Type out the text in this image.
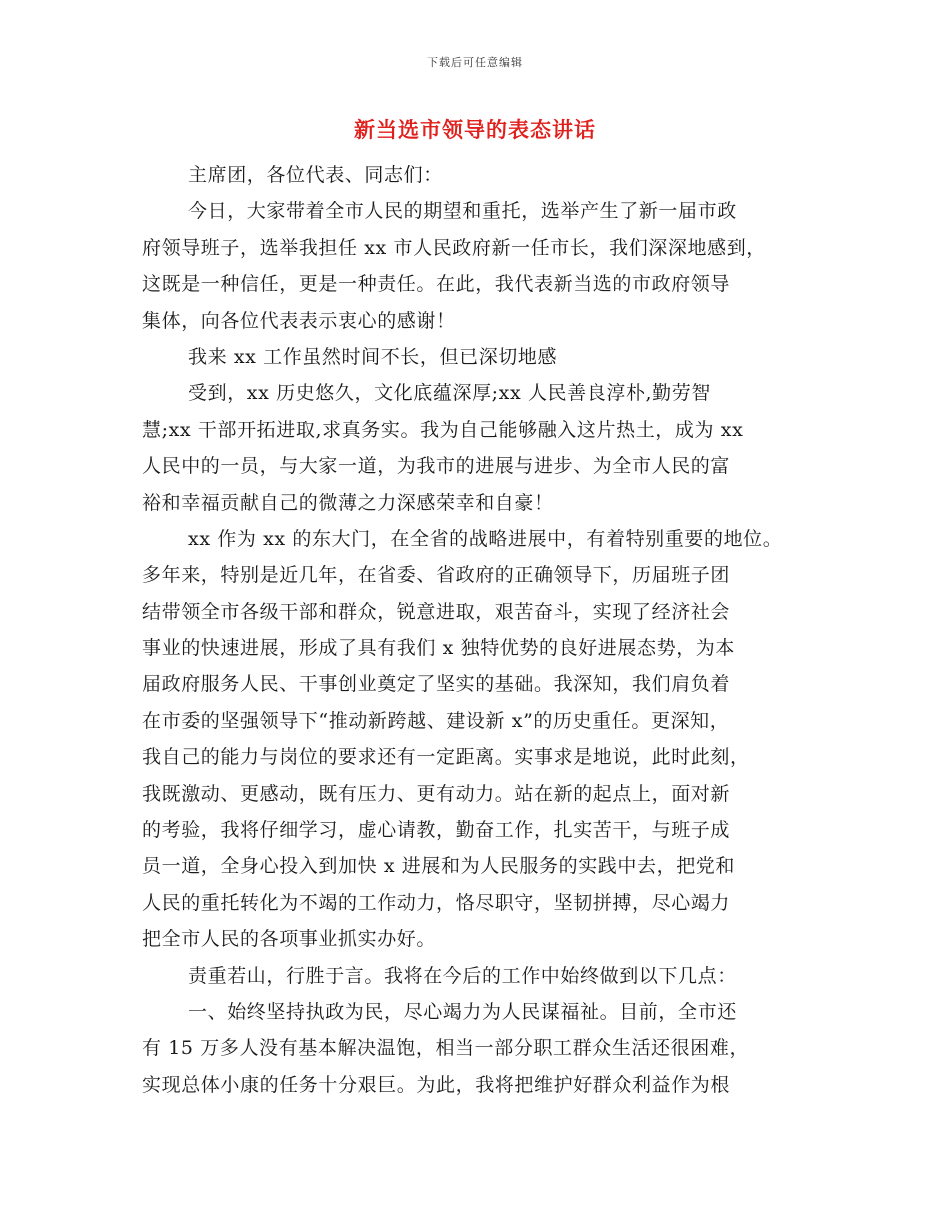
下载后可任意编辑
新当选市领导的表态讲话
主席团，各位代表、同志们：
今日，大家带着全市人民的期望和重托，选举产生了新一届市政
府领导班子，选举我担任 xx 市人民政府新一任市长，我们深深地感到，
这既是一种信任，更是一种责任。在此，我代表新当选的市政府领导
集体，向各位代表表示衷心的感谢！
我来 xx 工作虽然时间不长，但已深切地感
受到，xx 历史悠久，文化底蕴深厚;xx 人民善良淳朴,勤劳智
慧;xx 干部开拓进取,求真务实。我为自己能够融入这片热土，成为 xx
人民中的一员，与大家一道，为我市的进展与进步、为全市人民的富
裕和幸福贡献自己的微薄之力深感荣幸和自豪！
xx 作为 xx 的东大门，在全省的战略进展中，有着特别重要的地位。
多年来，特别是近几年，在省委、省政府的正确领导下，历届班子团
结带领全市各级干部和群众，锐意进取，艰苦奋斗，实现了经济社会
事业的快速进展，形成了具有我们 x 独特优势的良好进展态势，为本
届政府服务人民、干事创业奠定了坚实的基础。我深知，我们肩负着
在市委的坚强领导下“推动新跨越、建设新 x”的历史重任。更深知，
我自己的能力与岗位的要求还有一定距离。实事求是地说，此时此刻，
我既激动、更感动，既有压力、更有动力。站在新的起点上，面对新
的考验，我将仔细学习，虚心请教，勤奋工作，扎实苦干，与班子成
员一道，全身心投入到加快 x 进展和为人民服务的实践中去，把党和
人民的重托转化为不竭的工作动力，恪尽职守，坚韧拼搏，尽心竭力
把全市人民的各项事业抓实办好。
责重若山，行胜于言。我将在今后的工作中始终做到以下几点：
一、始终坚持执政为民，尽心竭力为人民谋福祉。目前，全市还
有 15 万多人没有基本解决温饱，相当一部分职工群众生活还很困难，
实现总体小康的任务十分艰巨。为此，我将把维护好群众利益作为根
